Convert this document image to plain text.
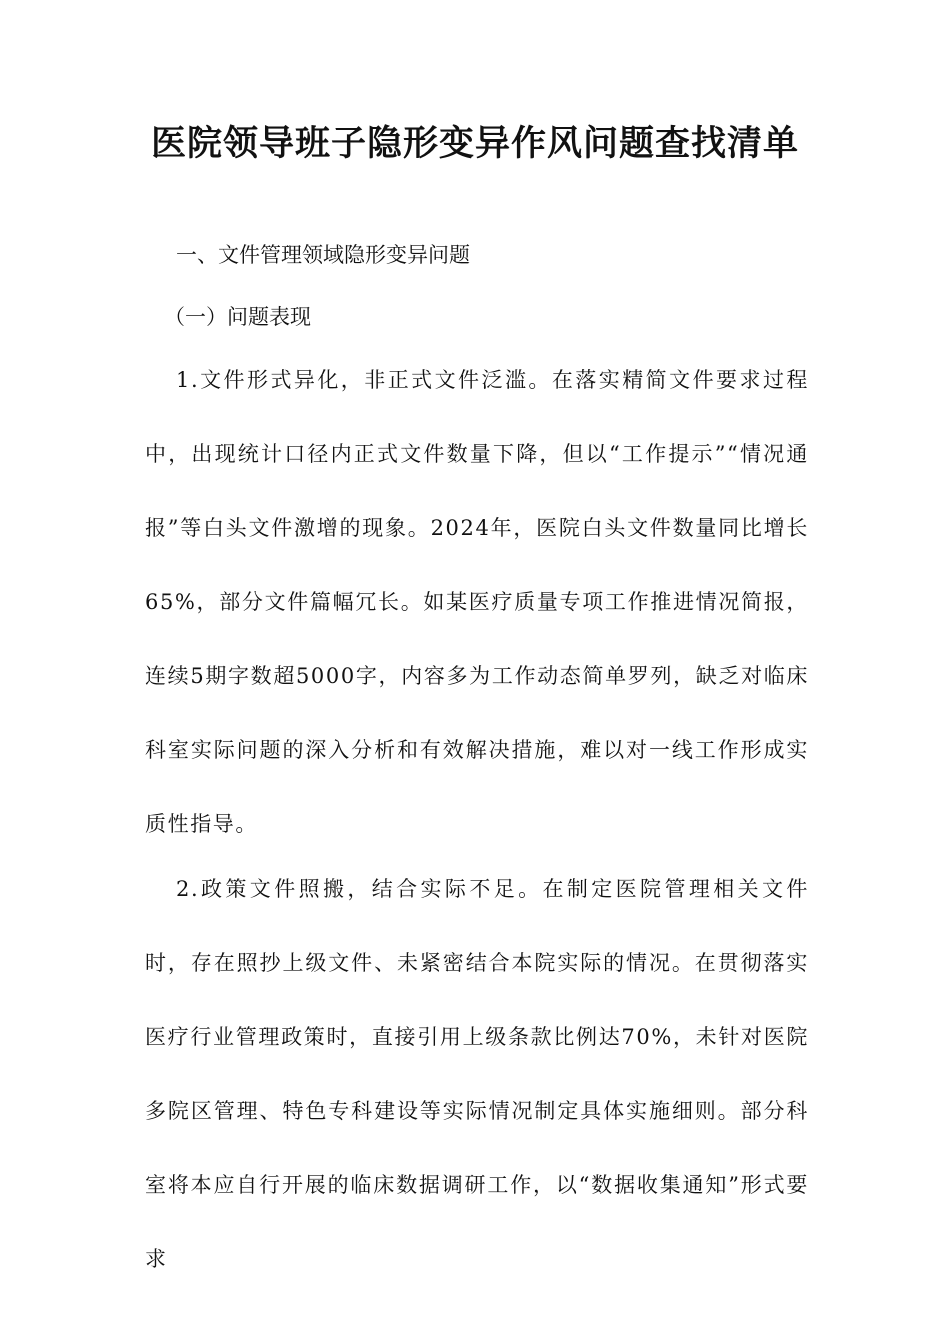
医院领导班子隐形变异作风问题查找清单

一、文件管理领域隐形变异问题

（一）问题表现

1.文件形式异化，非正式文件泛滥。在落实精简文件要求过程中，出现统计口径内正式文件数量下降，但以“工作提示”“情况通报”等白头文件激增的现象。2024年，医院白头文件数量同比增长65%，部分文件篇幅冗长。如某医疗质量专项工作推进情况简报，连续5期字数超5000字，内容多为工作动态简单罗列，缺乏对临床科室实际问题的深入分析和有效解决措施，难以对一线工作形成实质性指导。

2.政策文件照搬，结合实际不足。在制定医院管理相关文件时，存在照抄上级文件、未紧密结合本院实际的情况。在贯彻落实医疗行业管理政策时，直接引用上级条款比例达70%，未针对医院多院区管理、特色专科建设等实际情况制定具体实施细则。部分科室将本应自行开展的临床数据调研工作，以“数据收集通知”形式要求
